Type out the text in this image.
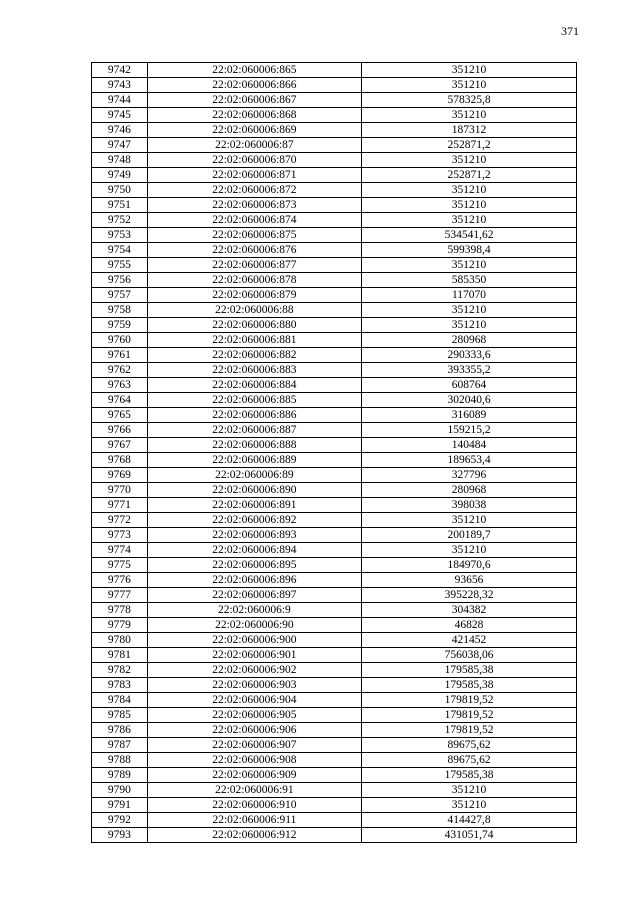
371
9742	22:02:060006:865	351210
9743	22:02:060006:866	351210
9744	22:02:060006:867	578325,8
9745	22:02:060006:868	351210
9746	22:02:060006:869	187312
9747	22:02:060006:87	252871,2
9748	22:02:060006:870	351210
9749	22:02:060006:871	252871,2
9750	22:02:060006:872	351210
9751	22:02:060006:873	351210
9752	22:02:060006:874	351210
9753	22:02:060006:875	534541,62
9754	22:02:060006:876	599398,4
9755	22:02:060006:877	351210
9756	22:02:060006:878	585350
9757	22:02:060006:879	117070
9758	22:02:060006:88	351210
9759	22:02:060006:880	351210
9760	22:02:060006:881	280968
9761	22:02:060006:882	290333,6
9762	22:02:060006:883	393355,2
9763	22:02:060006:884	608764
9764	22:02:060006:885	302040,6
9765	22:02:060006:886	316089
9766	22:02:060006:887	159215,2
9767	22:02:060006:888	140484
9768	22:02:060006:889	189653,4
9769	22:02:060006:89	327796
9770	22:02:060006:890	280968
9771	22:02:060006:891	398038
9772	22:02:060006:892	351210
9773	22:02:060006:893	200189,7
9774	22:02:060006:894	351210
9775	22:02:060006:895	184970,6
9776	22:02:060006:896	93656
9777	22:02:060006:897	395228,32
9778	22:02:060006:9	304382
9779	22:02:060006:90	46828
9780	22:02:060006:900	421452
9781	22:02:060006:901	756038,06
9782	22:02:060006:902	179585,38
9783	22:02:060006:903	179585,38
9784	22:02:060006:904	179819,52
9785	22:02:060006:905	179819,52
9786	22:02:060006:906	179819,52
9787	22:02:060006:907	89675,62
9788	22:02:060006:908	89675,62
9789	22:02:060006:909	179585,38
9790	22:02:060006:91	351210
9791	22:02:060006:910	351210
9792	22:02:060006:911	414427,8
9793	22:02:060006:912	431051,74
